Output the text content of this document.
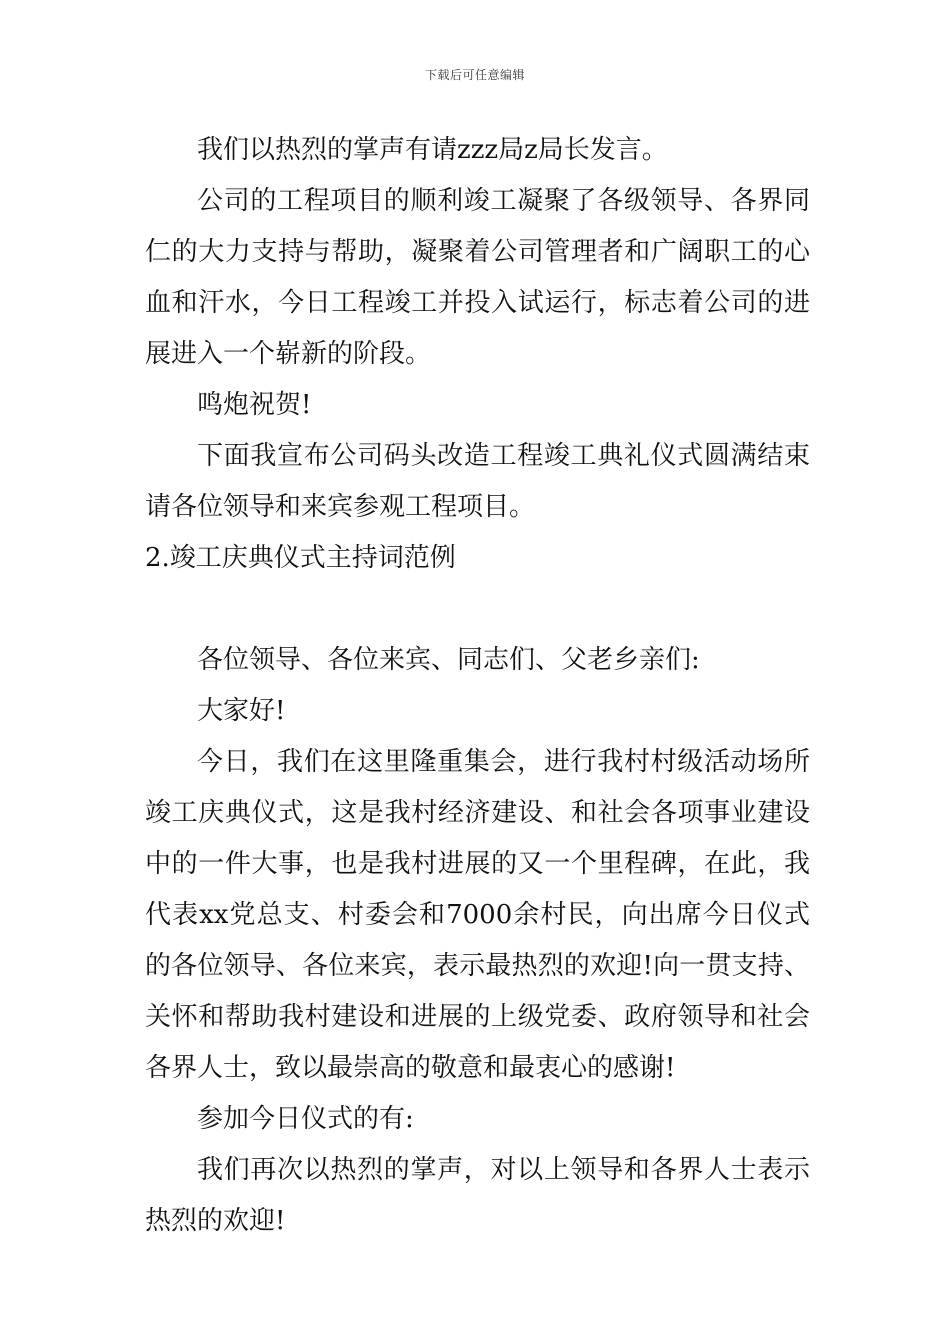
下载后可任意编辑

我们以热烈的掌声有请zzz局z局长发言。

公司的工程项目的顺利竣工凝聚了各级领导、各界同仁的大力支持与帮助，凝聚着公司管理者和广阔职工的心血和汗水，今日工程竣工并投入试运行，标志着公司的进展进入一个崭新的阶段。

鸣炮祝贺!

下面我宣布公司码头改造工程竣工典礼仪式圆满结束请各位领导和来宾参观工程项目。

2.竣工庆典仪式主持词范例

各位领导、各位来宾、同志们、父老乡亲们:

大家好!

今日，我们在这里隆重集会，进行我村村级活动场所竣工庆典仪式，这是我村经济建设、和社会各项事业建设中的一件大事，也是我村进展的又一个里程碑，在此，我代表xx党总支、村委会和7000余村民，向出席今日仪式的各位领导、各位来宾，表示最热烈的欢迎!向一贯支持、关怀和帮助我村建设和进展的上级党委、政府领导和社会各界人士，致以最崇高的敬意和最衷心的感谢!

参加今日仪式的有:

我们再次以热烈的掌声，对以上领导和各界人士表示热烈的欢迎!
